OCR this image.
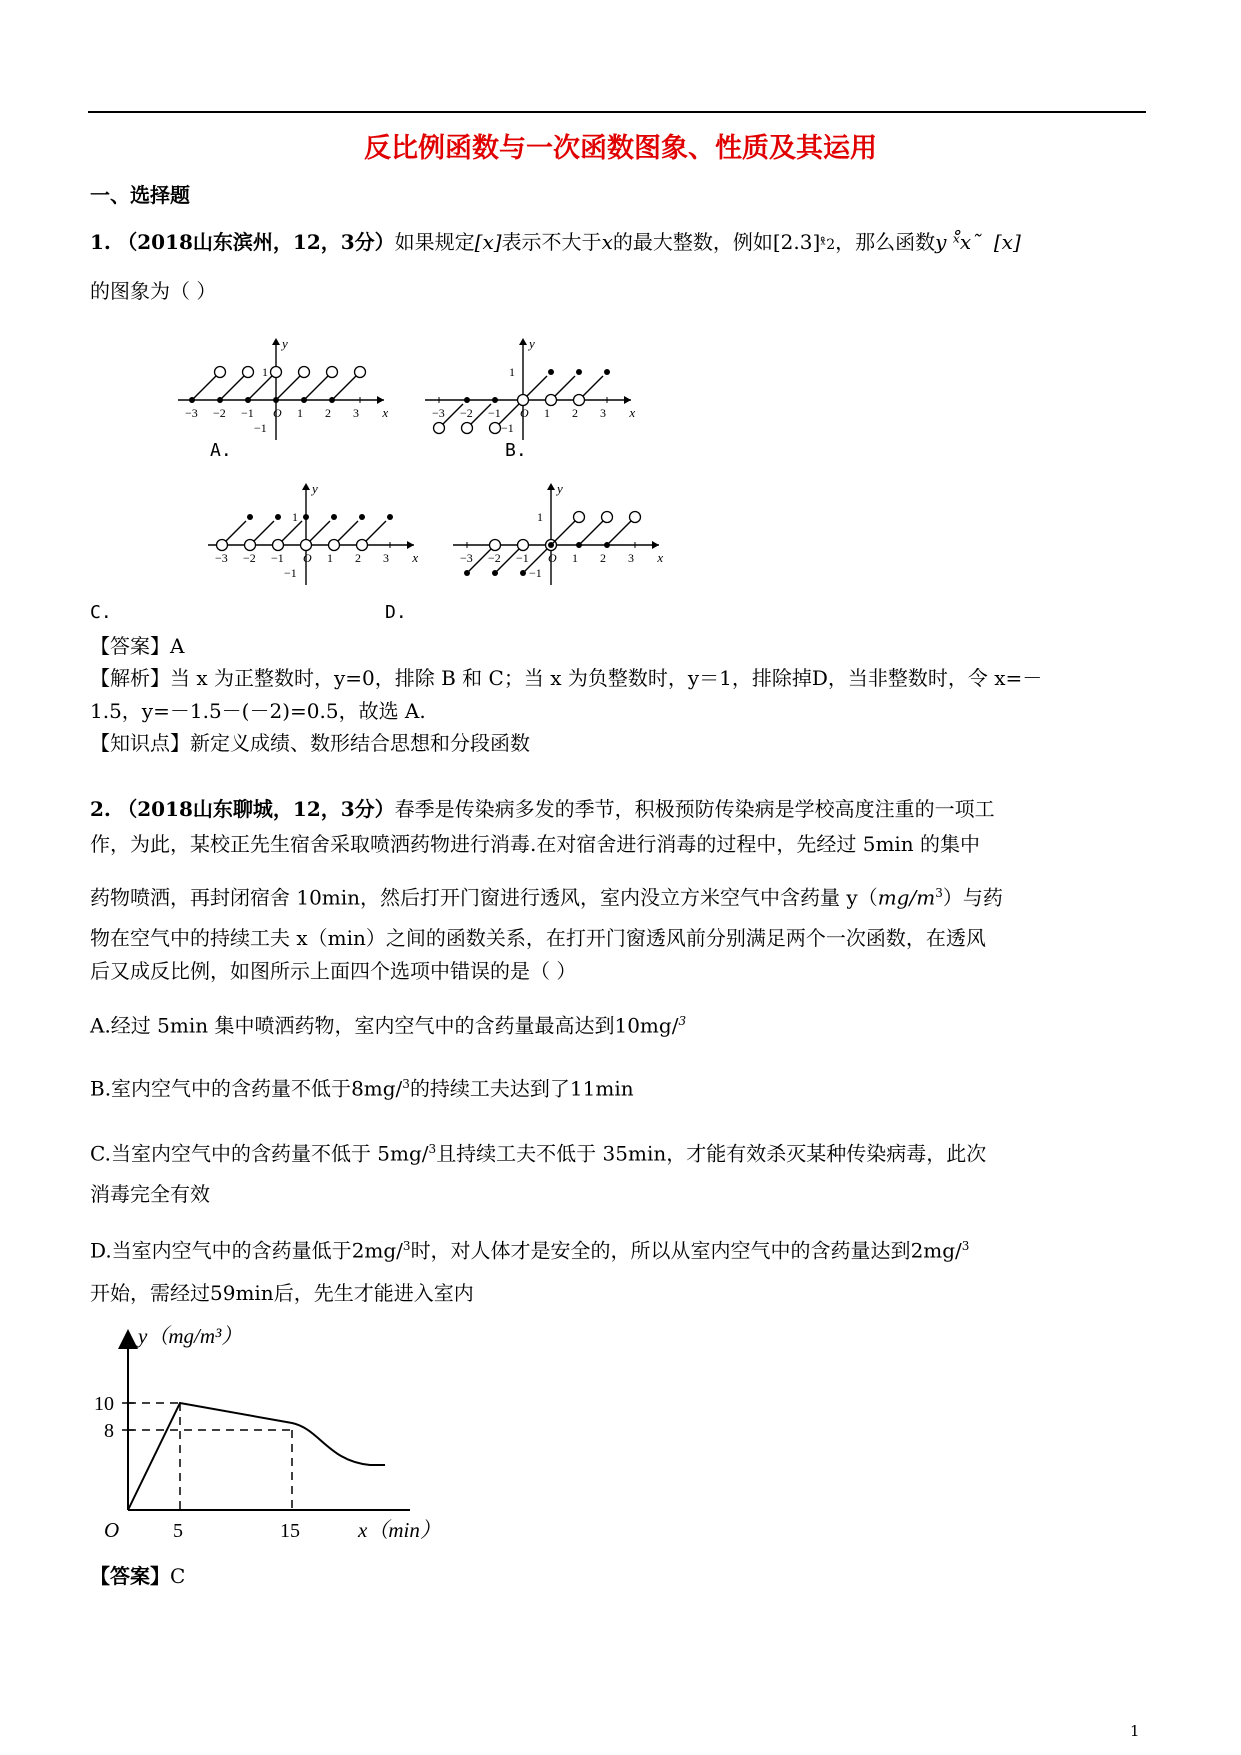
反比例函数与一次函数图象、性质及其运用
一、选择题
1. （2018山东滨州，12，3分）如果规定[x]表示不大于x的最大整数，例如[2.3]ˣ̊2，那么函数y ˣ̊x˜ [x]
的图象为（ ）
y
1
−1
−3 −2 −1 O 1 2 3 x
y
1
−1
−3 −2 −1 O 1 2 3 x
y
1
−1
−3 −2 −1 O 1 2 3 x
y
1
−1
−3 −2 −1 O 1 2 3 x
A.	B.
C.	D.
【答案】A
【解析】当 x 为正整数时，y=0，排除 B 和 C；当 x 为负整数时，y＝1，排除掉D，当非整数时，令 x=－
1.5，y=－1.5－(－2)=0.5，故选 A.
【知识点】新定义成绩、数形结合思想和分段函数
2. （2018山东聊城，12，3分）春季是传染病多发的季节，积极预防传染病是学校高度注重的一项工
作，为此，某校正先生宿舍采取喷洒药物进行消毒.在对宿舍进行消毒的过程中，先经过 5min 的集中
药物喷洒，再封闭宿舍 10min，然后打开门窗进行透风，室内没立方米空气中含药量 $y(mg/m^3)$与药
物在空气中的持续工夫 x（min）之间的函数关系，在打开门窗透风前分别满足两个一次函数，在透风
后又成反比例，如图所示上面四个选项中错误的是（ ）
A.经过 5min 集中喷洒药物，室内空气中的含药量最高达到10mg/$^3$
B.室内空气中的含药量不低于8mg/$^3$的持续工夫达到了11min
C.当室内空气中的含药量不低于 5mg/$^3$且持续工夫不低于 35min，才能有效杀灭某种传染病毒，此次
消毒完全有效
D.当室内空气中的含药量低于2mg/$^3$时，对人体才是安全的，所以从室内空气中的含药量达到2mg/$^3$
开始，需经过59min后，先生才能进入室内
y（mg/m³）
10
8
O	5	15	x（min）
【答案】C
1
